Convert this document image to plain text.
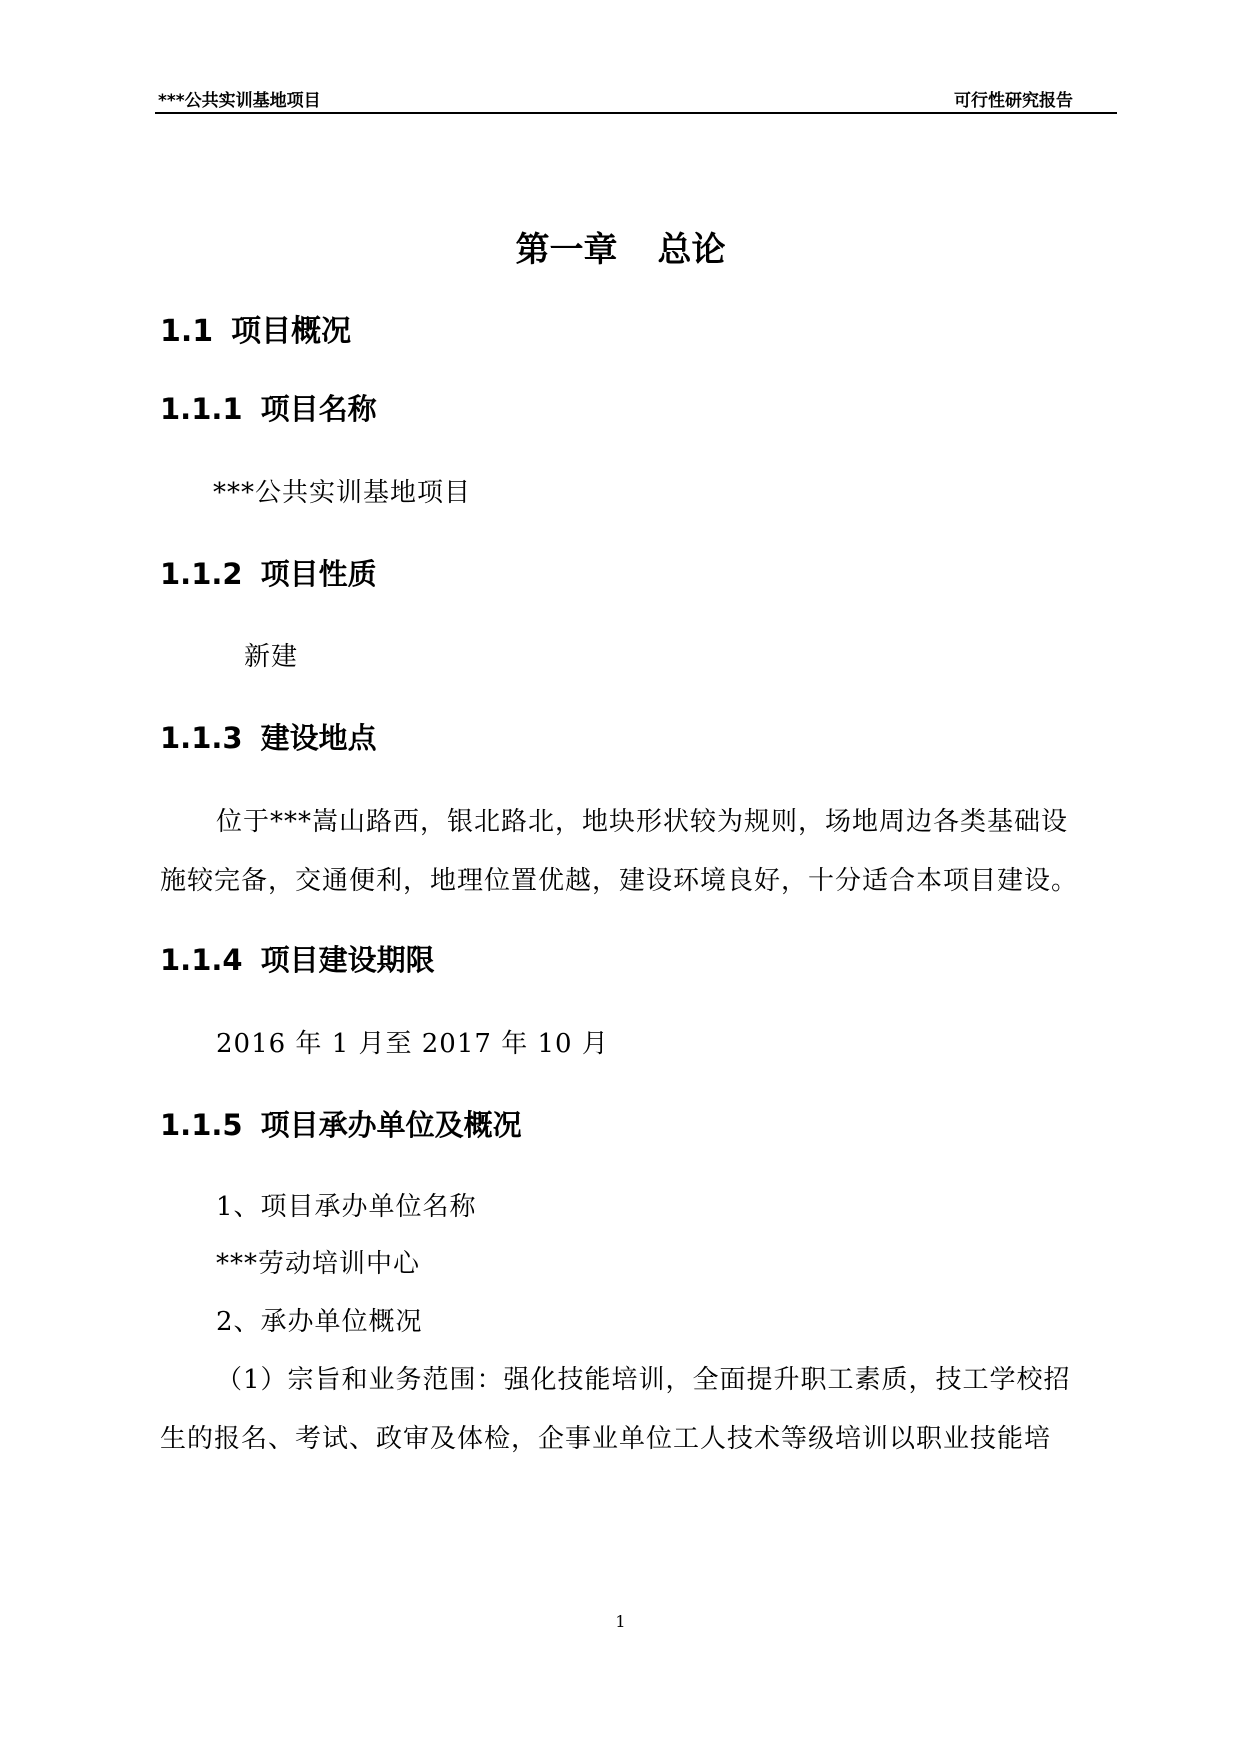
***公共实训基地项目	可行性研究报告
第一章 总论
1.1 项目概况
1.1.1 项目名称
***公共实训基地项目
1.1.2 项目性质
新建
1.1.3 建设地点
位于***嵩山路西，银北路北，地块形状较为规则，场地周边各类基础设
施较完备，交通便利，地理位置优越，建设环境良好，十分适合本项目建设。
1.1.4 项目建设期限
2016 年 1 月至 2017 年 10 月
1.1.5 项目承办单位及概况
1、项目承办单位名称
***劳动培训中心
2、承办单位概况
（1）宗旨和业务范围：强化技能培训，全面提升职工素质，技工学校招
生的报名、考试、政审及体检，企事业单位工人技术等级培训以职业技能培
1
